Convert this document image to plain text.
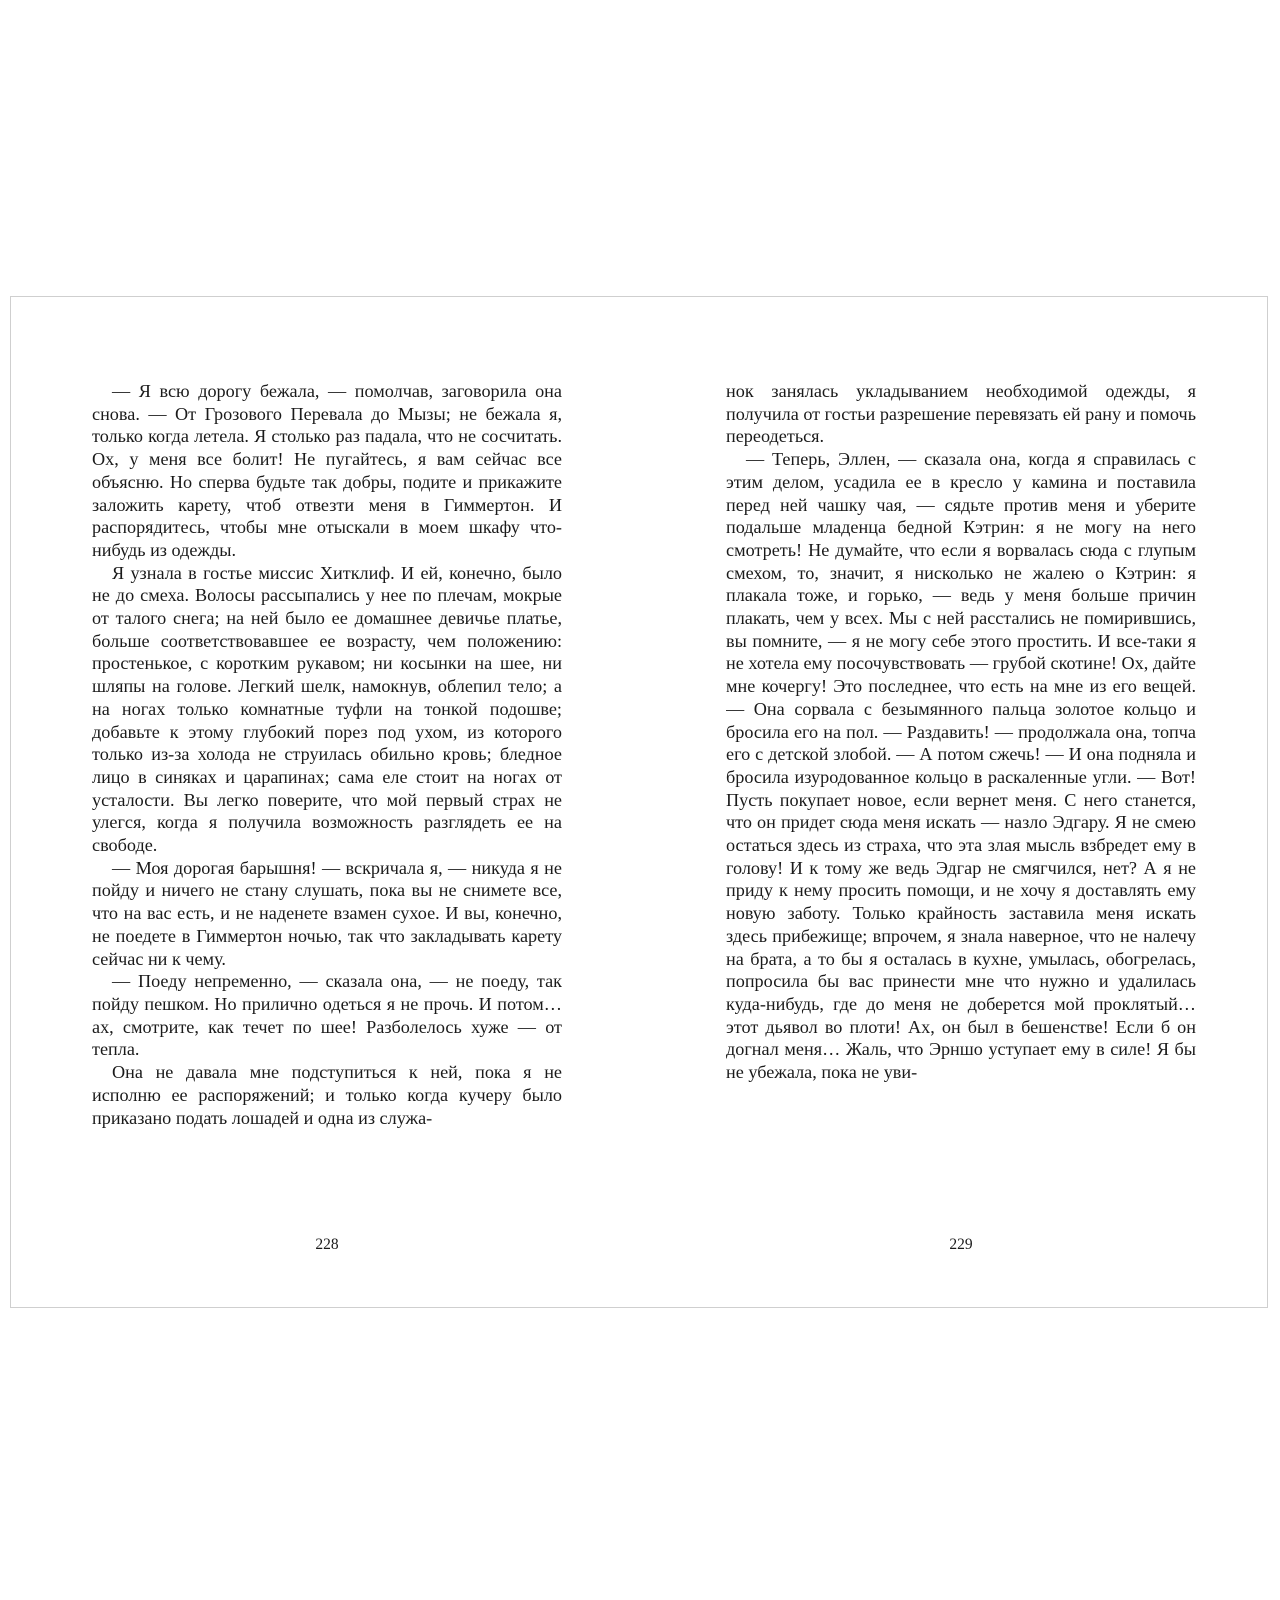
— Я всю дорогу бежала, — помолчав, заговорила она снова. — От Грозового Перевала до Мызы; не бежала я, только когда летела. Я столько раз падала, что не сосчитать. Ох, у меня все болит! Не пугайтесь, я вам сейчас все объясню. Но сперва будьте так добры, подите и прикажите заложить карету, чтоб отвезти меня в Гиммертон. И распорядитесь, чтобы мне отыскали в моем шкафу что-нибудь из одежды.

Я узнала в гостье миссис Хитклиф. И ей, конечно, было не до смеха. Волосы рассыпались у нее по плечам, мокрые от талого снега; на ней было ее домашнее девичье платье, больше соответствовавшее ее возрасту, чем положению: простенькое, с коротким рукавом; ни косынки на шее, ни шляпы на голове. Легкий шелк, намокнув, облепил тело; а на ногах только комнатные туфли на тонкой подошве; добавьте к этому глубокий порез под ухом, из которого только из-за холода не струилась обильно кровь; бледное лицо в синяках и царапинах; сама еле стоит на ногах от усталости. Вы легко поверите, что мой первый страх не улегся, когда я получила возможность разглядеть ее на свободе.

— Моя дорогая барышня! — вскричала я, — никуда я не пойду и ничего не стану слушать, пока вы не снимете все, что на вас есть, и не наденете взамен сухое. И вы, конечно, не поедете в Гиммертон ночью, так что закладывать карету сейчас ни к чему.

— Поеду непременно, — сказала она, — не поеду, так пойду пешком. Но прилично одеться я не прочь. И потом… ах, смотрите, как течет по шее! Разболелось хуже — от тепла.

Она не давала мне подступиться к ней, пока я не исполню ее распоряжений; и только когда кучеру было приказано подать лошадей и одна из служа-

228

нок занялась укладыванием необходимой одежды, я получила от гостьи разрешение перевязать ей рану и помочь переодеться.

— Теперь, Эллен, — сказала она, когда я справилась с этим делом, усадила ее в кресло у камина и поставила перед ней чашку чая, — сядьте против меня и уберите подальше младенца бедной Кэтрин: я не могу на него смотреть! Не думайте, что если я ворвалась сюда с глупым смехом, то, значит, я нисколько не жалею о Кэтрин: я плакала тоже, и горько, — ведь у меня больше причин плакать, чем у всех. Мы с ней расстались не помирившись, вы помните, — я не могу себе этого простить. И все-таки я не хотела ему посочувствовать — грубой скотине! Ох, дайте мне кочергу! Это последнее, что есть на мне из его вещей. — Она сорвала с безымянного пальца золотое кольцо и бросила его на пол. — Раздавить! — продолжала она, топча его с детской злобой. — А потом сжечь! — И она подняла и бросила изуродованное кольцо в раскаленные угли. — Вот! Пусть покупает новое, если вернет меня. С него станется, что он придет сюда меня искать — назло Эдгару. Я не смею остаться здесь из страха, что эта злая мысль взбредет ему в голову! И к тому же ведь Эдгар не смягчился, нет? А я не приду к нему просить помощи, и не хочу я доставлять ему новую заботу. Только крайность заставила меня искать здесь прибежище; впрочем, я знала наверное, что не налечу на брата, а то бы я осталась в кухне, умылась, обогрелась, попросила бы вас принести мне что нужно и удалилась куда-нибудь, где до меня не доберется мой проклятый… этот дьявол во плоти! Ах, он был в бешенстве! Если б он догнал меня… Жаль, что Эрншо уступает ему в силе! Я бы не убежала, пока не уви-

229
